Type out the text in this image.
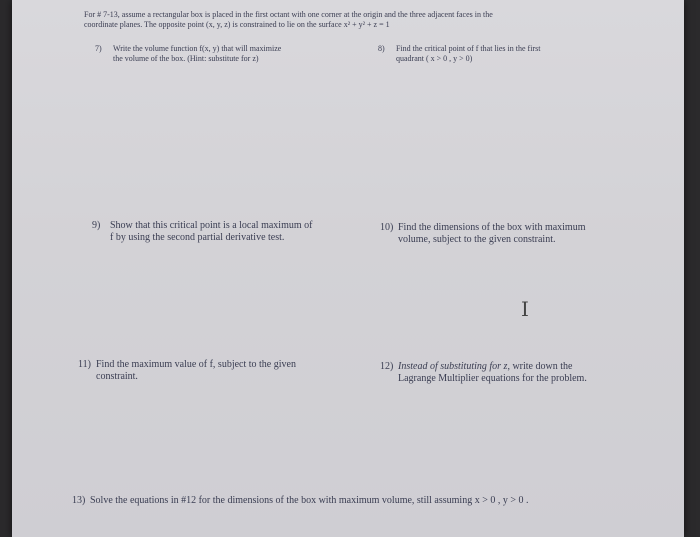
For # 7-13, assume a rectangular box is placed in the first octant with one corner at the origin and the three adjacent faces in the
coordinate planes. The opposite point (x, y, z) is constrained to lie on the surface x² + y² + z = 1
7) Write the volume function f(x, y) that will maximize
the volume of the box. (Hint: substitute for z)
8) Find the critical point of f that lies in the first
quadrant ( x > 0 , y > 0)
9) Show that this critical point is a local maximum of
f by using the second partial derivative test.
10) Find the dimensions of the box with maximum
volume, subject to the given constraint.
11) Find the maximum value of f, subject to the given
constraint.
12) Instead of substituting for z, write down the
Lagrange Multiplier equations for the problem.
13) Solve the equations in #12 for the dimensions of the box with maximum volume, still assuming x > 0 , y > 0 .
I
